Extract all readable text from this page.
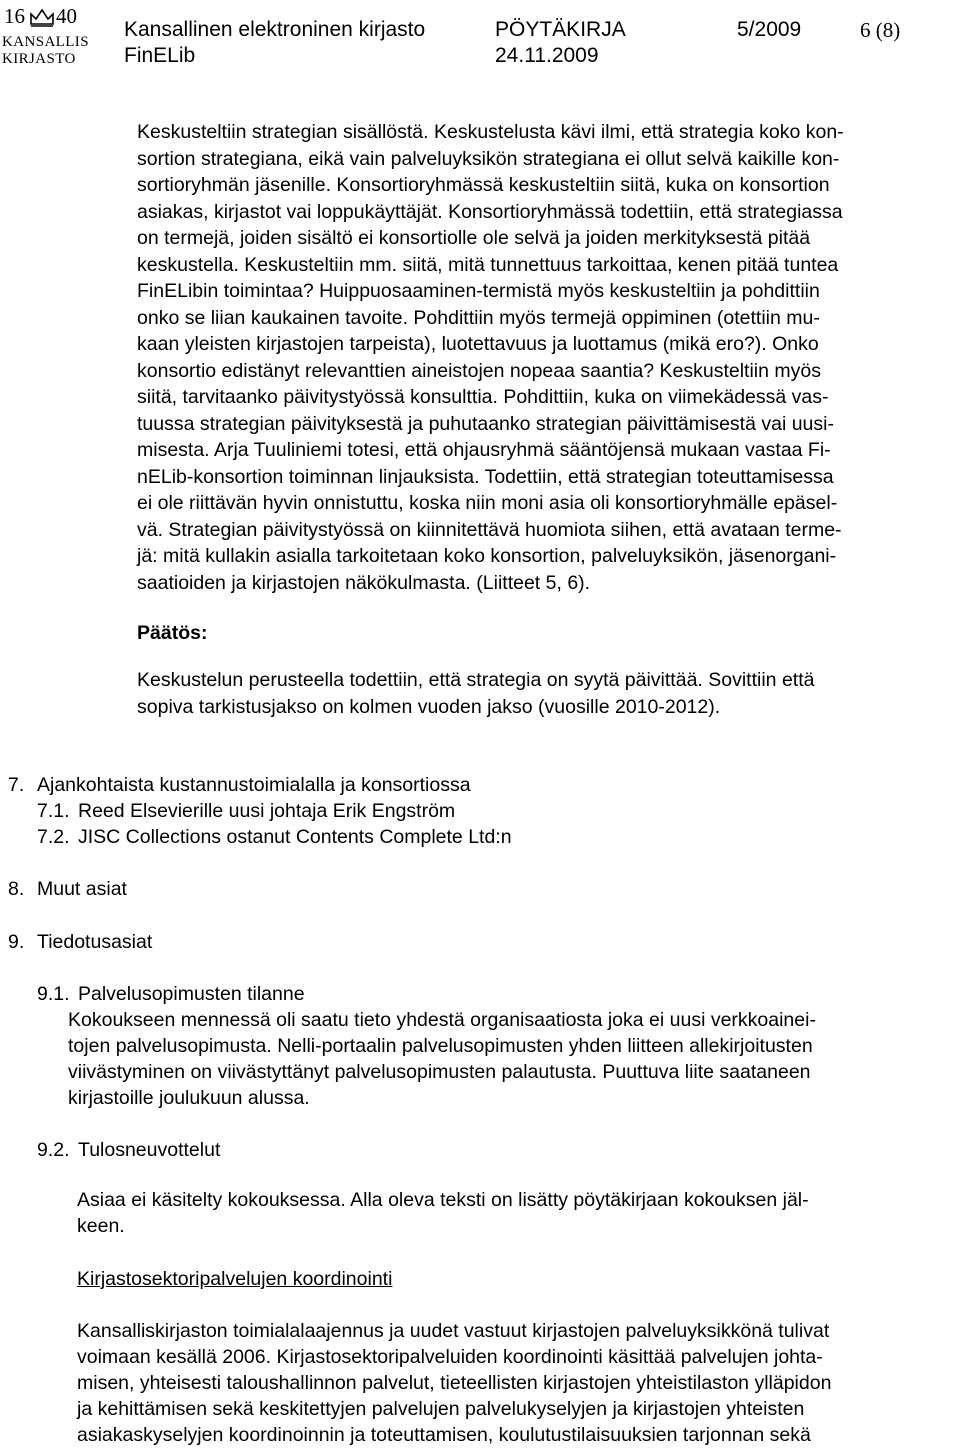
16 40
KANSALLIS
KIRJASTO
Kansallinen elektroninen kirjasto	PÖYTÄKIRJA	5/2009	6 (8)
FinELib	24.11.2009

Keskusteltiin strategian sisällöstä. Keskustelusta kävi ilmi, että strategia koko kon-

sortion strategiana, eikä vain palveluyksikön strategiana ei ollut selvä kaikille kon-

sortioryhmän jäsenille. Konsortioryhmässä keskusteltiin siitä, kuka on konsortion

asiakas, kirjastot vai loppukäyttäjät. Konsortioryhmässä todettiin, että strategiassa

on termejä, joiden sisältö ei konsortiolle ole selvä ja joiden merkityksestä pitää

keskustella. Keskusteltiin mm. siitä, mitä tunnettuus tarkoittaa, kenen pitää tuntea

FinELibin toimintaa? Huippuosaaminen-termistä myös keskusteltiin ja pohdittiin

onko se liian kaukainen tavoite. Pohdittiin myös termejä oppiminen (otettiin mu-

kaan yleisten kirjastojen tarpeista), luotettavuus ja luottamus (mikä ero?). Onko

konsortio edistänyt relevanttien aineistojen nopeaa saantia? Keskusteltiin myös

siitä, tarvitaanko päivitystyössä konsulttia. Pohdittiin, kuka on viimekädessä vas-

tuussa strategian päivityksestä ja puhutaanko strategian päivittämisestä vai uusi-

misesta. Arja Tuuliniemi totesi, että ohjausryhmä sääntöjensä mukaan vastaa Fi-

nELib-konsortion toiminnan linjauksista. Todettiin, että strategian toteuttamisessa

ei ole riittävän hyvin onnistuttu, koska niin moni asia oli konsortioryhmälle epäsel-

vä. Strategian päivitystyössä on kiinnitettävä huomiota siihen, että avataan terme-

jä: mitä kullakin asialla tarkoitetaan koko konsortion, palveluyksikön, jäsenorgani-

saatioiden ja kirjastojen näkökulmasta. (Liitteet 5, 6).

Päätös:

Keskustelun perusteella todettiin, että strategia on syytä päivittää. Sovittiin että

sopiva tarkistusjakso on kolmen vuoden jakso (vuosille 2010-2012).

7. Ajankohtaista kustannustoimialalla ja konsortiossa
7.1. Reed Elsevierille uusi johtaja Erik Engström
7.2. JISC Collections ostanut Contents Complete Ltd:n
8. Muut asiat
9. Tiedotusasiat
9.1. Palvelusopimusten tilanne
Kokoukseen mennessä oli saatu tieto yhdestä organisaatiosta joka ei uusi verkkoainei-
tojen palvelusopimusta. Nelli-portaalin palvelusopimusten yhden liitteen allekirjoitusten
viivästyminen on viivästyttänyt palvelusopimusten palautusta. Puuttuva liite saataneen
kirjastoille joulukuun alussa.
9.2. Tulosneuvottelut
Asiaa ei käsitelty kokouksessa. Alla oleva teksti on lisätty pöytäkirjaan kokouksen jäl-
keen.
Kirjastosektoripalvelujen koordinointi
Kansalliskirjaston toimialalaajennus ja uudet vastuut kirjastojen palveluyksikkönä tulivat
voimaan kesällä 2006. Kirjastosektoripalveluiden koordinointi käsittää palvelujen johta-
misen, yhteisesti taloushallinnon palvelut, tieteellisten kirjastojen yhteistilaston ylläpidon
ja kehittämisen sekä keskitettyjen palvelujen palvelukyselyjen ja kirjastojen yhteisten
asiakaskyselyjen koordinoinnin ja toteuttamisen, koulutustilaisuuksien tarjonnan sekä
